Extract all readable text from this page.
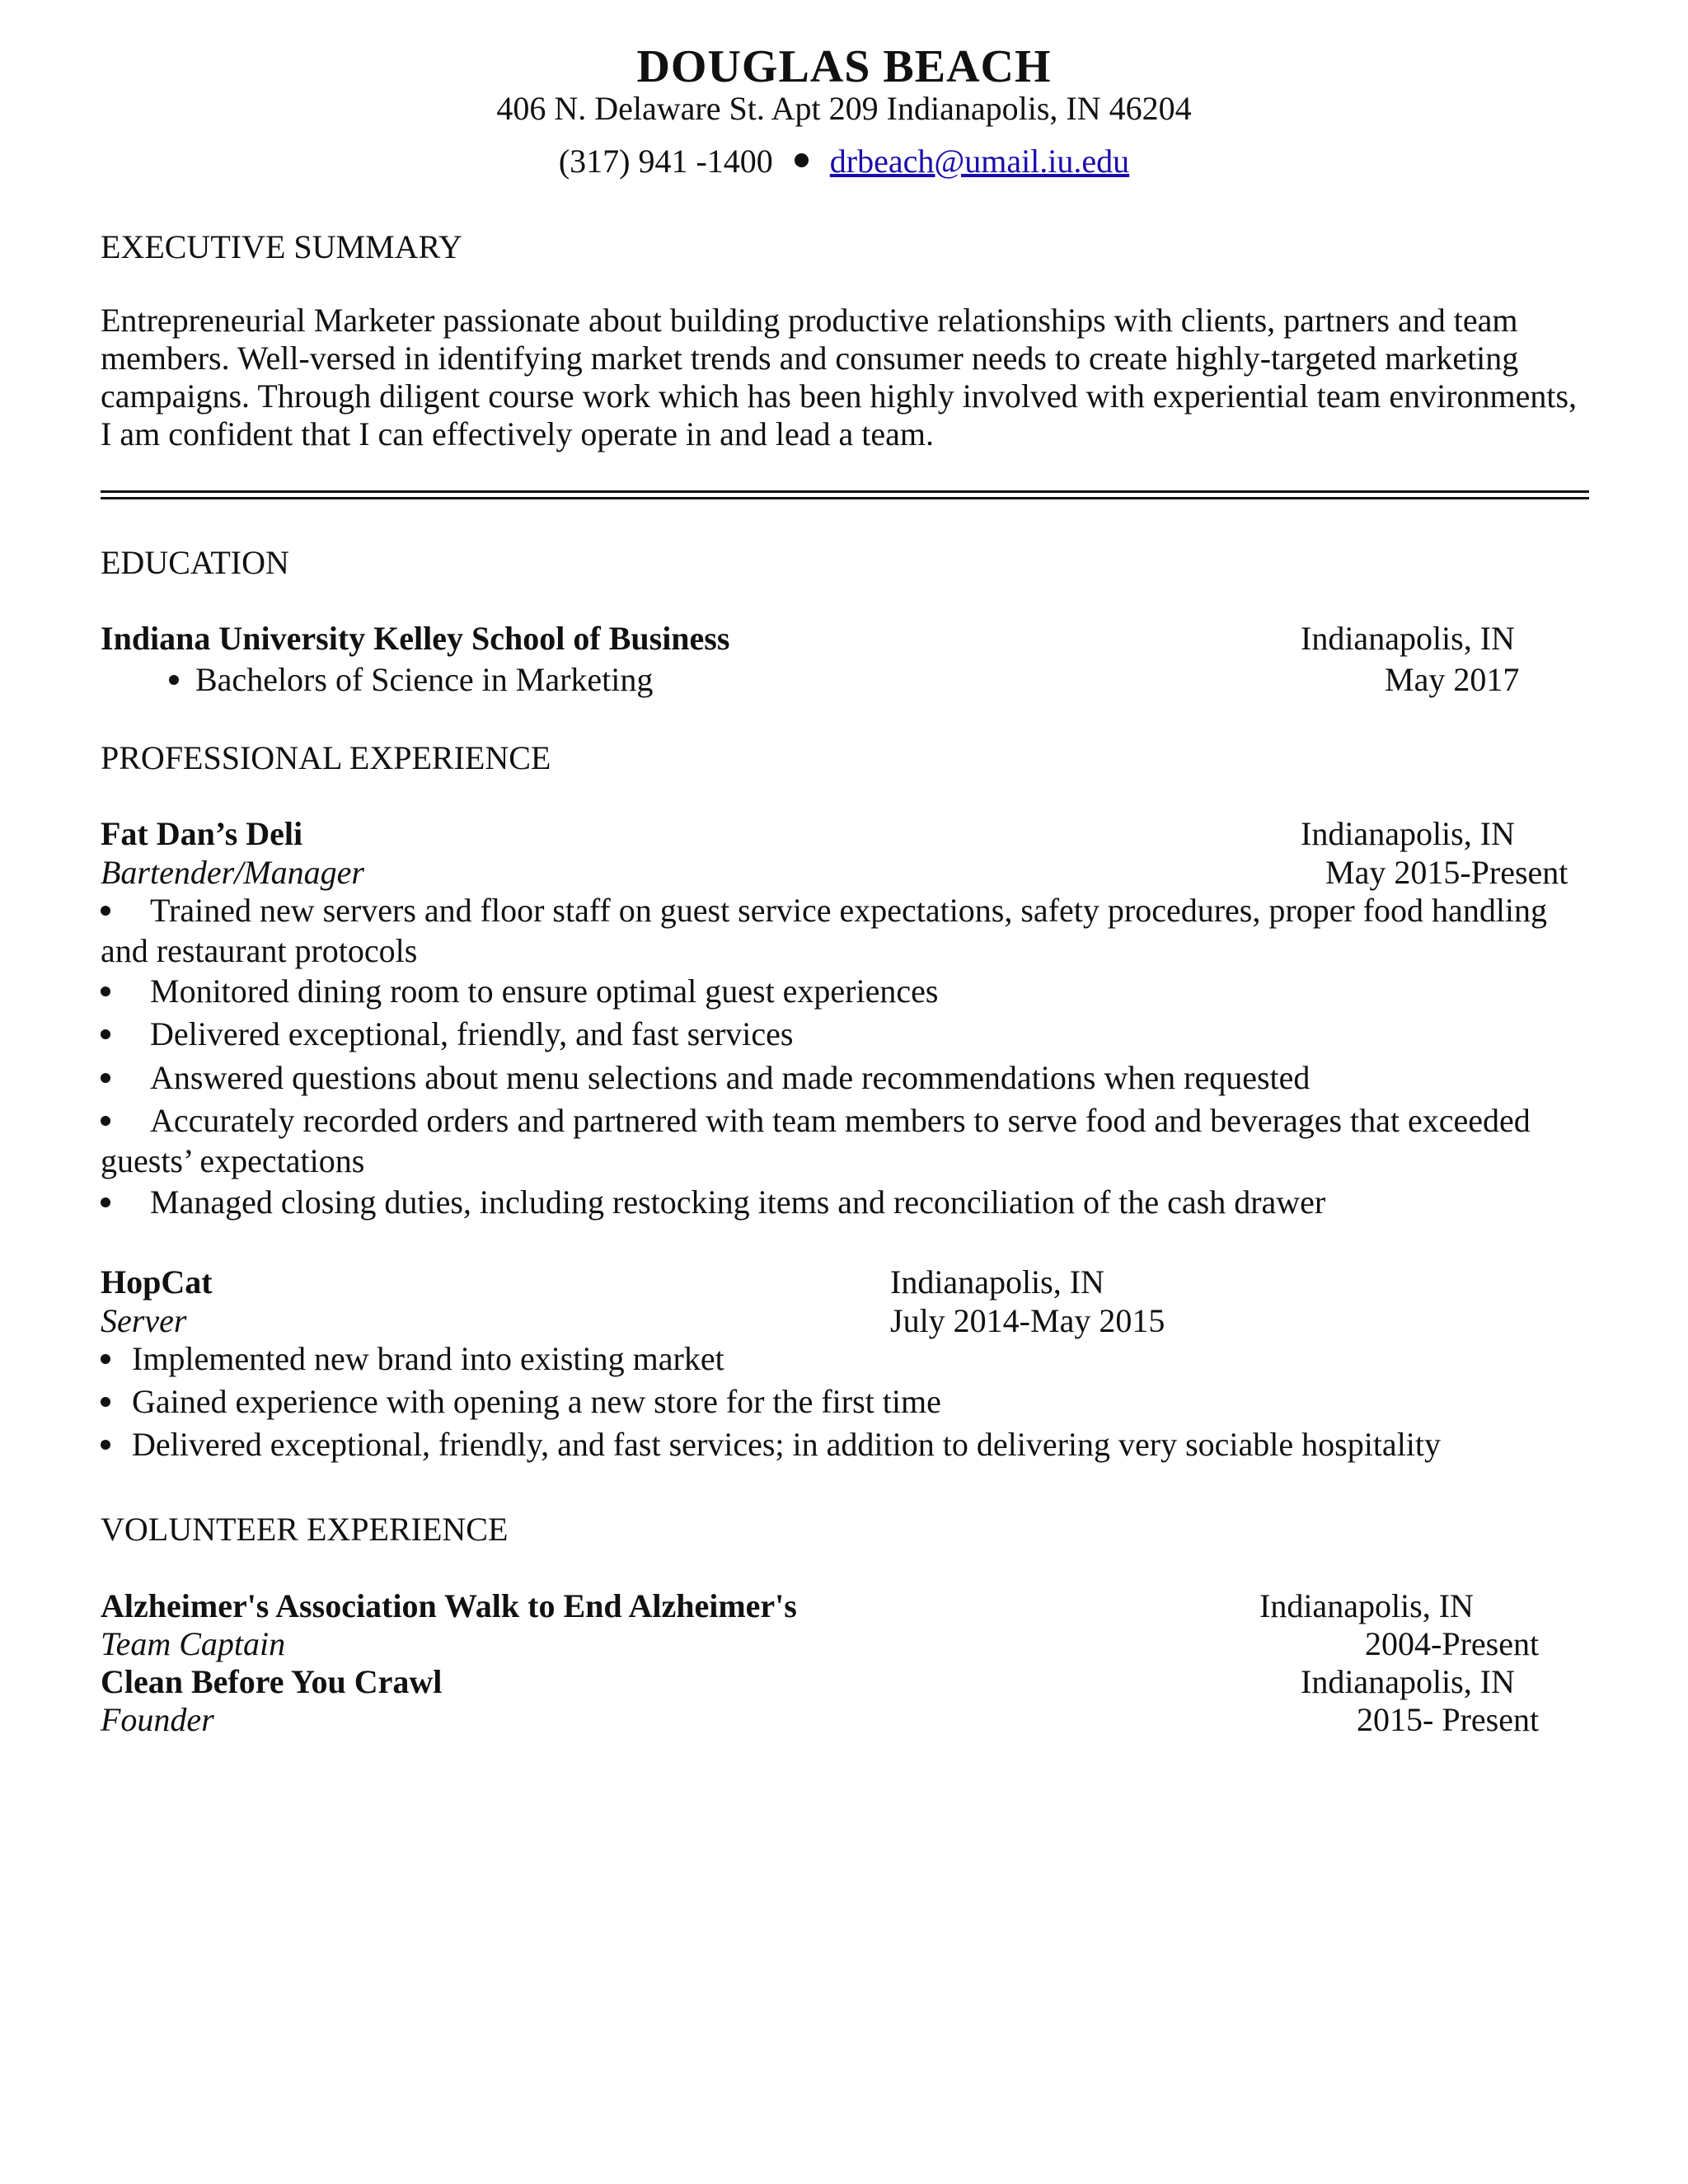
DOUGLAS BEACH
406 N. Delaware St. Apt 209 Indianapolis, IN 46204
(317) 941 -1400 drbeach@umail.iu.edu
EXECUTIVE SUMMARY
Entrepreneurial Marketer passionate about building productive relationships with clients, partners and team
members. Well-versed in identifying market trends and consumer needs to create highly-targeted marketing
campaigns. Through diligent course work which has been highly involved with experiential team environments,
I am confident that I can effectively operate in and lead a team.
EDUCATION
Indiana University Kelley School of Business	Indianapolis, IN
Bachelors of Science in Marketing	May 2017
PROFESSIONAL EXPERIENCE
Fat Dan’s Deli	Indianapolis, IN
Bartender/Manager	May 2015-Present
Trained new servers and floor staff on guest service expectations, safety procedures, proper food handling
and restaurant protocols
Monitored dining room to ensure optimal guest experiences
Delivered exceptional, friendly, and fast services
Answered questions about menu selections and made recommendations when requested
Accurately recorded orders and partnered with team members to serve food and beverages that exceeded
guests’ expectations
Managed closing duties, including restocking items and reconciliation of the cash drawer
HopCat	Indianapolis, IN
Server	July 2014-May 2015
Implemented new brand into existing market
Gained experience with opening a new store for the first time
Delivered exceptional, friendly, and fast services; in addition to delivering very sociable hospitality
VOLUNTEER EXPERIENCE
Alzheimer's Association Walk to End Alzheimer's	Indianapolis, IN
Team Captain	2004-Present
Clean Before You Crawl	Indianapolis, IN
Founder	2015- Present
